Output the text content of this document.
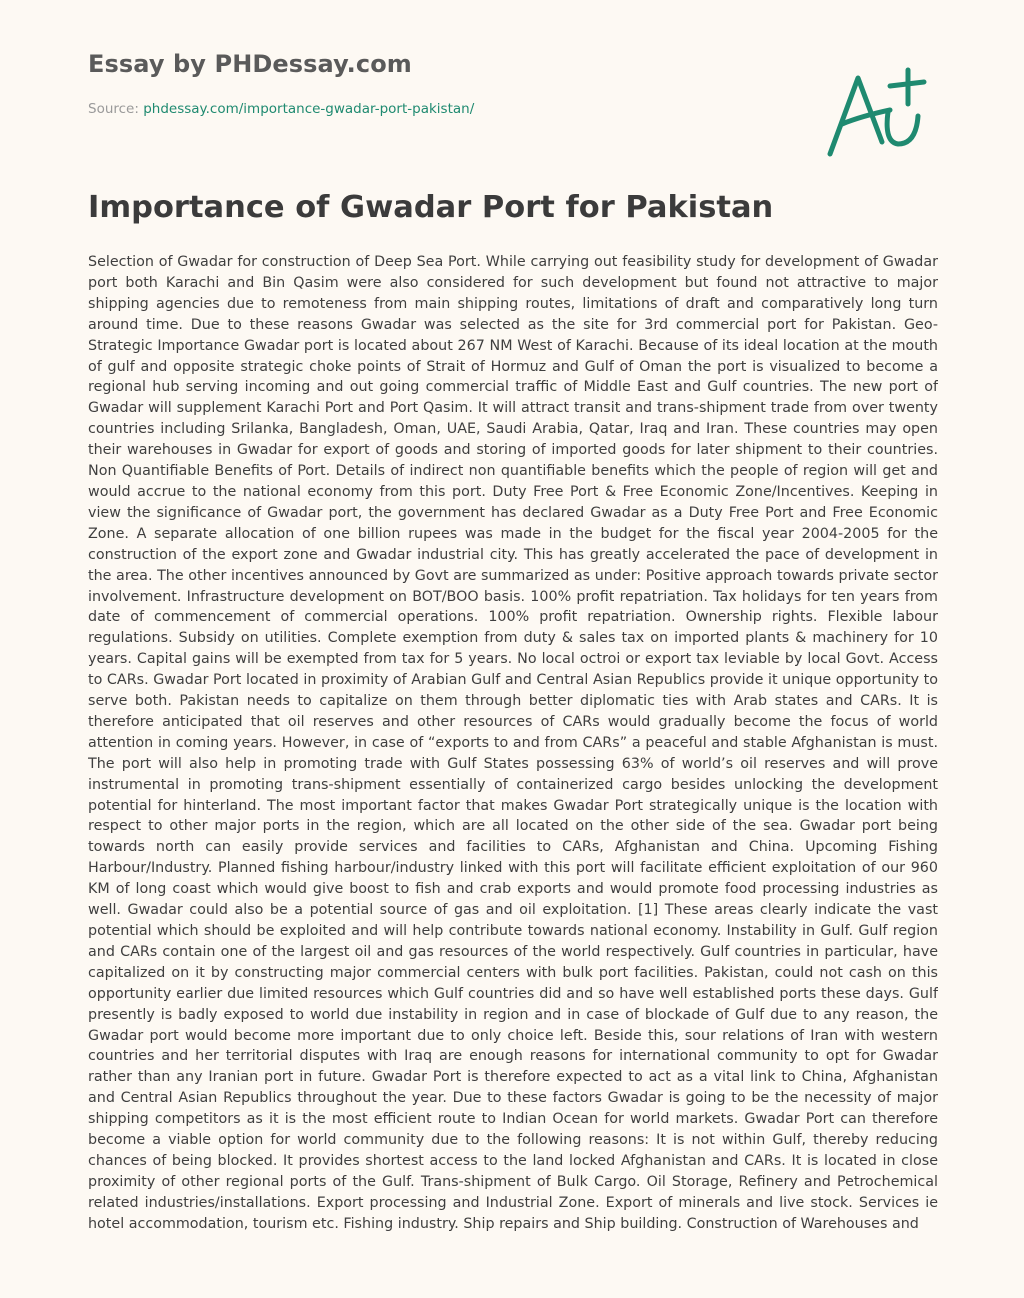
Essay by PHDessay.com

Source: phdessay.com/importance-gwadar-port-pakistan/

Importance of Gwadar Port for Pakistan

Selection of Gwadar for construction of Deep Sea Port. While carrying out feasibility study for development of Gwadar port both Karachi and Bin Qasim were also considered for such development but found not attractive to major shipping agencies due to remoteness from main shipping routes, limitations of draft and comparatively long turn around time. Due to these reasons Gwadar was selected as the site for 3rd commercial port for Pakistan. Geo-Strategic Importance Gwadar port is located about 267 NM West of Karachi. Because of its ideal location at the mouth of gulf and opposite strategic choke points of Strait of Hormuz and Gulf of Oman the port is visualized to become a regional hub serving incoming and out going commercial traffic of Middle East and Gulf countries. The new port of Gwadar will supplement Karachi Port and Port Qasim. It will attract transit and trans-shipment trade from over twenty countries including Srilanka, Bangladesh, Oman, UAE, Saudi Arabia, Qatar, Iraq and Iran. These countries may open their warehouses in Gwadar for export of goods and storing of imported goods for later shipment to their countries. Non Quantifiable Benefits of Port. Details of indirect non quantifiable benefits which the people of region will get and would accrue to the national economy from this port. Duty Free Port & Free Economic Zone/Incentives. Keeping in view the significance of Gwadar port, the government has declared Gwadar as a Duty Free Port and Free Economic Zone. A separate allocation of one billion rupees was made in the budget for the fiscal year 2004-2005 for the construction of the export zone and Gwadar industrial city. This has greatly accelerated the pace of development in the area. The other incentives announced by Govt are summarized as under: Positive approach towards private sector involvement. Infrastructure development on BOT/BOO basis. 100% profit repatriation. Tax holidays for ten years from date of commencement of commercial operations. 100% profit repatriation. Ownership rights. Flexible labour regulations. Subsidy on utilities. Complete exemption from duty & sales tax on imported plants & machinery for 10 years. Capital gains will be exempted from tax for 5 years. No local octroi or export tax leviable by local Govt. Access to CARs. Gwadar Port located in proximity of Arabian Gulf and Central Asian Republics provide it unique opportunity to serve both. Pakistan needs to capitalize on them through better diplomatic ties with Arab states and CARs. It is therefore anticipated that oil reserves and other resources of CARs would gradually become the focus of world attention in coming years. However, in case of “exports to and from CARs” a peaceful and stable Afghanistan is must. The port will also help in promoting trade with Gulf States possessing 63% of world’s oil reserves and will prove instrumental in promoting trans-shipment essentially of containerized cargo besides unlocking the development potential for hinterland. The most important factor that makes Gwadar Port strategically unique is the location with respect to other major ports in the region, which are all located on the other side of the sea. Gwadar port being towards north can easily provide services and facilities to CARs, Afghanistan and China. Upcoming Fishing Harbour/Industry. Planned fishing harbour/industry linked with this port will facilitate efficient exploitation of our 960 KM of long coast which would give boost to fish and crab exports and would promote food processing industries as well. Gwadar could also be a potential source of gas and oil exploitation. [1] These areas clearly indicate the vast potential which should be exploited and will help contribute towards national economy. Instability in Gulf. Gulf region and CARs contain one of the largest oil and gas resources of the world respectively. Gulf countries in particular, have capitalized on it by constructing major commercial centers with bulk port facilities. Pakistan, could not cash on this opportunity earlier due limited resources which Gulf countries did and so have well established ports these days. Gulf presently is badly exposed to world due instability in region and in case of blockade of Gulf due to any reason, the Gwadar port would become more important due to only choice left. Beside this, sour relations of Iran with western countries and her territorial disputes with Iraq are enough reasons for international community to opt for Gwadar rather than any Iranian port in future. Gwadar Port is therefore expected to act as a vital link to China, Afghanistan and Central Asian Republics throughout the year. Due to these factors Gwadar is going to be the necessity of major shipping competitors as it is the most efficient route to Indian Ocean for world markets. Gwadar Port can therefore become a viable option for world community due to the following reasons: It is not within Gulf, thereby reducing chances of being blocked. It provides shortest access to the land locked Afghanistan and CARs. It is located in close proximity of other regional ports of the Gulf. Trans-shipment of Bulk Cargo. Oil Storage, Refinery and Petrochemical related industries/installations. Export processing and Industrial Zone. Export of minerals and live stock. Services ie hotel accommodation, tourism etc. Fishing industry. Ship repairs and Ship building. Construction of Warehouses and
